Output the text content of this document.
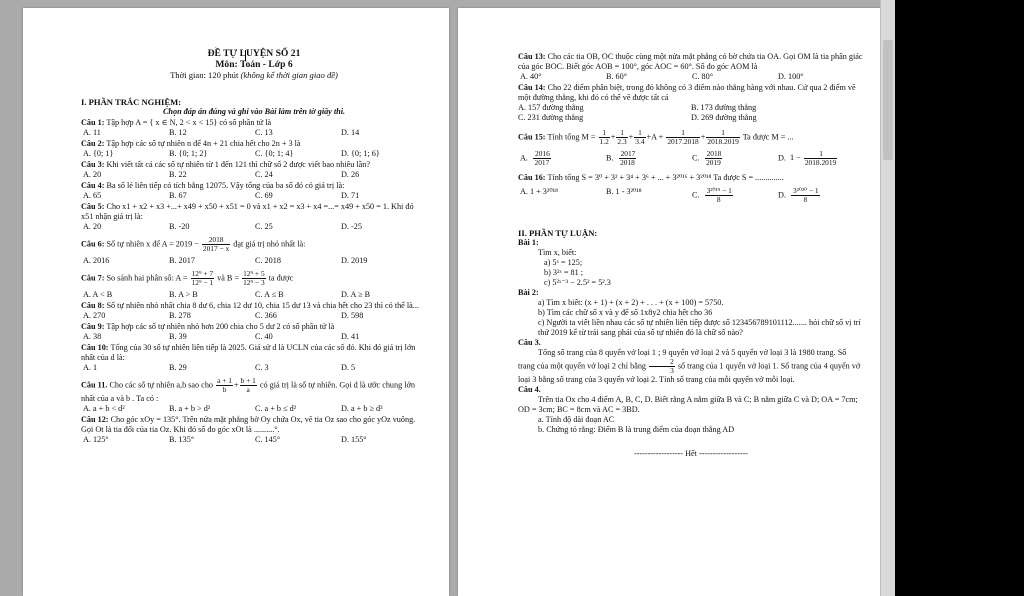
ĐỀ TỰ LUYỆN SỐ 21
Môn: Toán - Lớp 6
Thời gian: 120 phút (không kể thời gian giao đề)
I. PHẦN TRẮC NGHIỆM:
Chọn đáp án đúng và ghi vào Bài làm trên tờ giấy thi.
Câu 1: Tập hợp A = { x ∈ N, 2 < x < 15} có số phần tử là
A. 11	B. 12	C. 13	D. 14
Câu 2: Tập hợp các số tự nhiên n để 4n + 21 chia hết cho 2n + 3 là
A. {0; 1}	B. {0; 1; 2}	C. {0; 1; 4}	D. {0; 1; 6}
Câu 3: Khi viết tất cả các số tự nhiên từ 1 đến 121 thì chữ số 2 được viết bao nhiêu lần?
A. 20	B. 22	C. 24	D. 26
Câu 4: Ba số lẻ liên tiếp có tích bằng 12075. Vậy tổng của ba số đó có giá trị là:
A. 65	B. 67	C. 69	D. 71
Câu 5: Cho x1 + x2 + x3 +...+ x49 + x50 + x51 = 0 và x1 + x2 = x3 + x4 =...= x49 + x50 = 1. Khi đó x51 nhận giá trị là:
A. 20	B. -20	C. 25	D. -25
Câu 6: Số tự nhiên x để $A = 2019 - \frac{2018}{2017 - x}$ đạt giá trị nhỏ nhất là:
A. 2016	B. 2017	C. 2018	D. 2019
Câu 7: So sánh hai phân số: $A = \frac{\text{12⁹ + 7}}{\text{12⁹ − 1}}$ và $B = \frac{\text{12⁹ + 5}}{\text{12⁹ − 3}}$ ta được
A. A < B	B. A > B	C. A ≤ B	D. A ≥ B
Câu 8: Số tự nhiên nhỏ nhất chia 8 dư 6, chia 12 dư 10, chia 15 dư 13 và chia hết cho 23 thì có thể là...
A. 270	B. 278	C. 366	D. 598
Câu 9: Tập hợp các số tự nhiên nhỏ hơn 200 chia cho 5 dư 2 có số phần tử là
A. 38	B. 39	C. 40	D. 41
Câu 10: Tổng của 30 số tự nhiên liên tiếp là 2025. Giả sử d là UCLN của các số đó. Khi đó giá trị lớn nhất của d là:
A. 1	B. 29	C. 3	D. 5
Câu 11. Cho các số tự nhiên a,b sao cho $\frac{a + 1}{b} + \frac{b + 1}{a}$ có giá trị là số tự nhiên. Gọi d là ước chung lớn nhất của a và b . Ta có :
A. a + b < d²	B. a + b > d²	C. a + b ≤ d²	D. a + b ≥ d²
Câu 12: Cho góc xOy = 135°. Trên nửa mặt phẳng bờ Oy chứa Ox, vẽ tia Oz sao cho góc yOz vuông. Gọi Ot là tia đối của tia Oz. Khi đó số đo góc xOt là ..........°.
A. 125°	B. 135°	C. 145°	D. 155°
Câu 13: Cho các tia OB, OC thuộc cùng một nửa mặt phẳng có bờ chứa tia OA. Gọi OM là tia phân giác của góc BOC. Biết góc AOB = 100°, góc AOC = 60°. Số đo góc AOM là
A. 40°	B. 60°	C. 80°	D. 100°
Câu 14: Cho 22 điểm phân biệt, trong đó không có 3 điểm nào thẳng hàng với nhau. Cứ qua 2 điểm vẽ một đường thẳng, khi đó có thể vẽ được tất cả
A. 157 đường thẳng	B. 173 đường thẳng
C. 231 đường thẳng	D. 269 đường thẳng
Câu 15: Tính tổng $M = \frac{1}{1.2} + \frac{1}{2.3} + \frac{1}{3.4} +A + \frac{1}{2017.2018} + \frac{1}{2018.2019}$ Ta được M = ...
A. $\frac{2016}{2017}$	B. $\frac{2017}{2018}$	C. $\frac{2018}{2019}$	D. $1 - \frac{1}{2018.2019}$
Câu 16: Tính tổng S = 3⁰ + 3² + 3⁴ + 3⁶ + ... + 3²⁰¹⁶ + 3²⁰¹⁸ Ta được S = ..............
A. 1 + 3²⁰¹⁸	B. 1 - 3²⁰¹⁸	C. $\frac{\text{3²⁰¹⁹ − 1}}{8}$	D. $\frac{\text{3²⁰²⁰ − 1}}{8}$
II. PHẦN TỰ LUẬN:
Bài 1:
Tìm x, biết:
a) 5ˣ = 125;
b) 3²ˣ = 81 ;
c) 5²ˣ⁻³ − 2.5² = 5².3
Bài 2:
a) Tìm x biết: (x + 1) + (x + 2) + . . . + (x + 100) = 5750.
b) Tìm các chữ số x và y để số 1x8y2 chia hết cho 36
c) Người ta viết liền nhau các số tự nhiên liên tiếp được số 123456789101112....... hỏi chữ số vị trí thứ 2019 kể từ trái sang phải của số tự nhiên đó là chữ số nào?
Câu 3.
Tổng số trang của 8 quyển vở loại 1 ; 9 quyển vở loại 2 và 5 quyển vở loại 3 là 1980 trang. Số trang của một quyển vở loại 2 chỉ bằng $\frac{2}{3}$ số trang của 1 quyển vở loại 1. Số trang của 4 quyển vở loại 3 bằng số trang của 3 quyển vở loại 2. Tính số trang của mỗi quyển vở mỗi loại.
Câu 4.
Trên tia Ox cho 4 điểm A, B, C, D. Biết rằng A nằm giữa B và C; B nằm giữa C và D; OA = 7cm; OD = 3cm; BC = 8cm và AC = 3BD.
a. Tính độ dài đoạn AC
b. Chứng tỏ rằng: Điểm B là trung điểm của đoạn thẳng AD
------------------ Hết ------------------
